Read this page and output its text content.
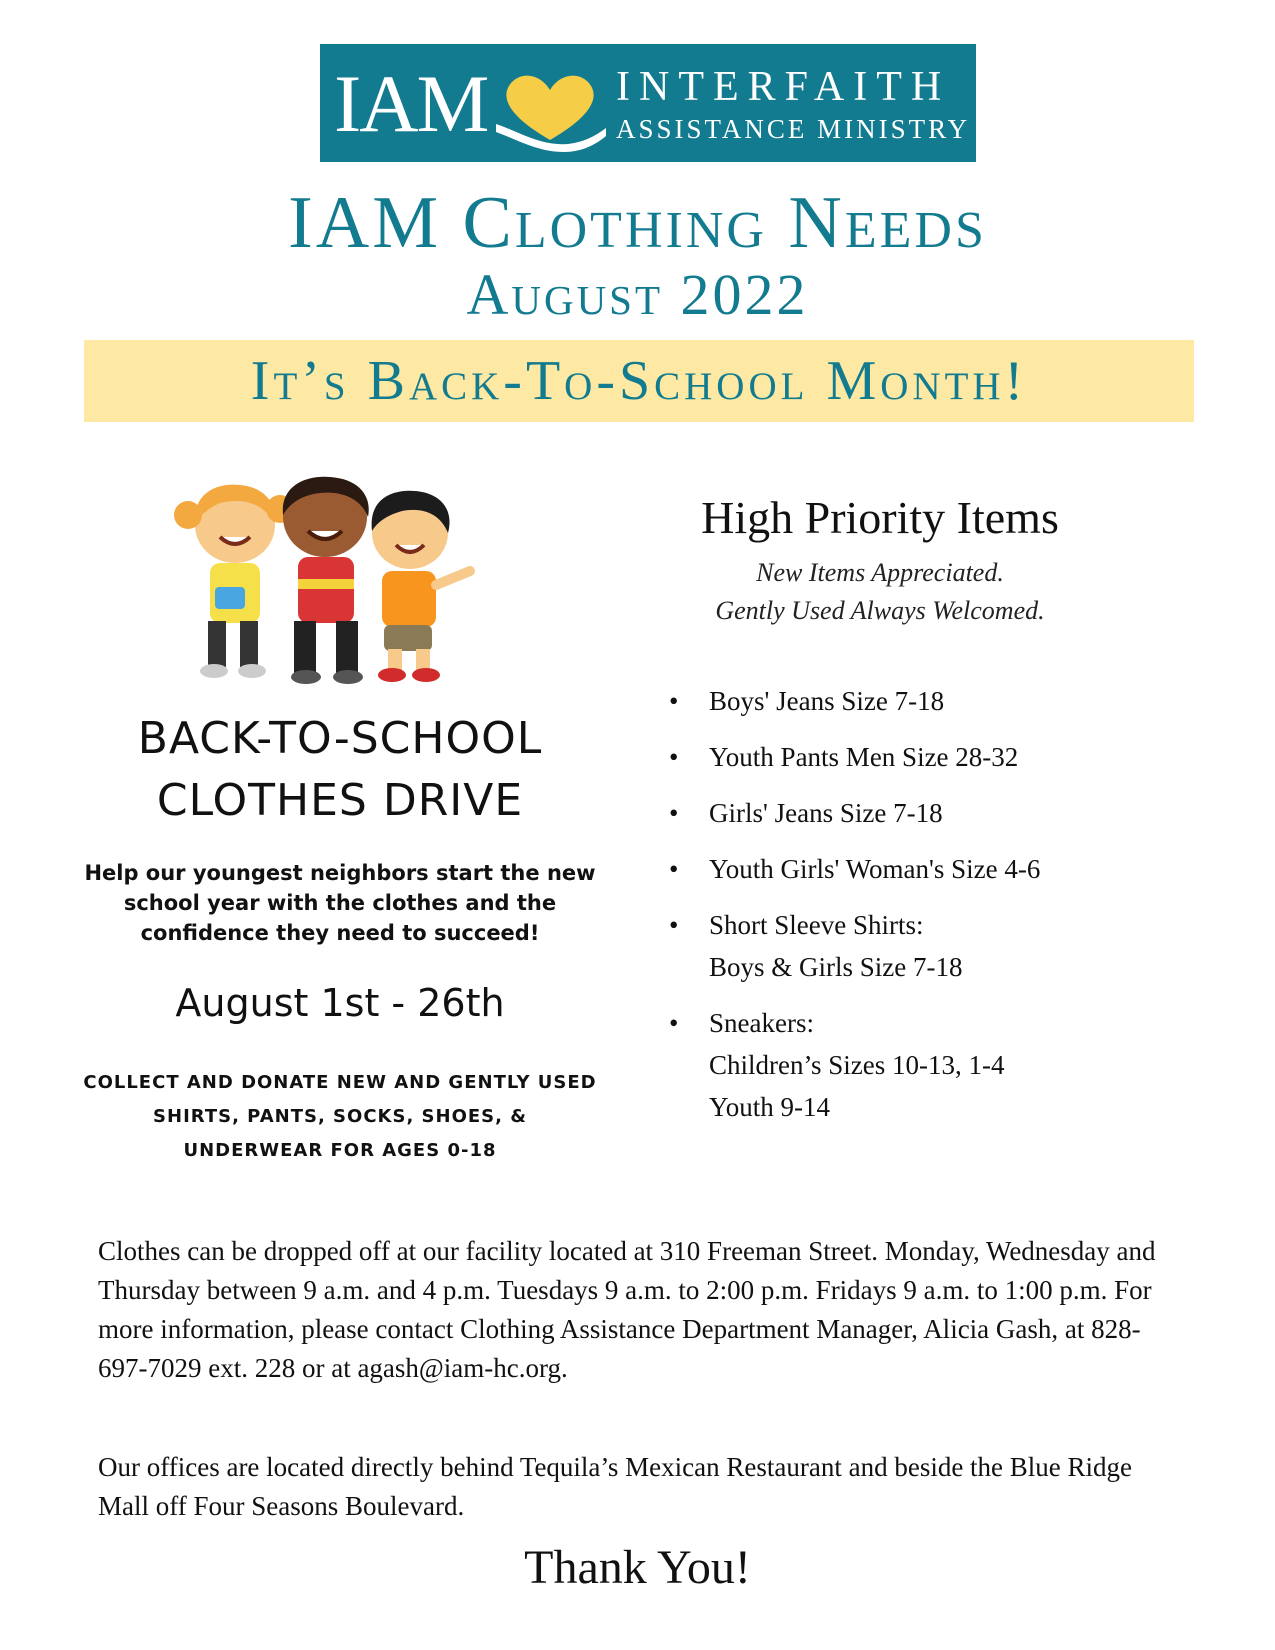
IAM	INTERFAITH
ASSISTANCE MINISTRY
IAM Clothing Needs
August 2022
It’s Back-To-School Month!
BACK-TO-SCHOOL
CLOTHES DRIVE
Help our youngest neighbors start the new school year with the clothes and the confidence they need to succeed!
August 1st - 26th
COLLECT AND DONATE NEW AND GENTLY USED SHIRTS, PANTS, SOCKS, SHOES, & UNDERWEAR FOR AGES 0-18
High Priority Items
New Items Appreciated.
Gently Used Always Welcomed.
• Boys' Jeans Size 7-18
• Youth Pants Men Size 28-32
• Girls' Jeans Size 7-18
• Youth Girls' Woman's Size 4-6
• Short Sleeve Shirts:
Boys & Girls Size 7-18
• Sneakers:
Children’s Sizes 10-13, 1-4
Youth 9-14

Clothes can be dropped off at our facility located at 310 Freeman Street. Monday, Wednesday and Thursday between 9 a.m. and 4 p.m. Tuesdays 9 a.m. to 2:00 p.m. Fridays 9 a.m. to 1:00 p.m. For more information, please contact Clothing Assistance Department Manager, Alicia Gash, at 828-697-7029 ext. 228 or at agash@iam-hc.org.

Our offices are located directly behind Tequila’s Mexican Restaurant and beside the Blue Ridge Mall off Four Seasons Boulevard.

Thank You!
